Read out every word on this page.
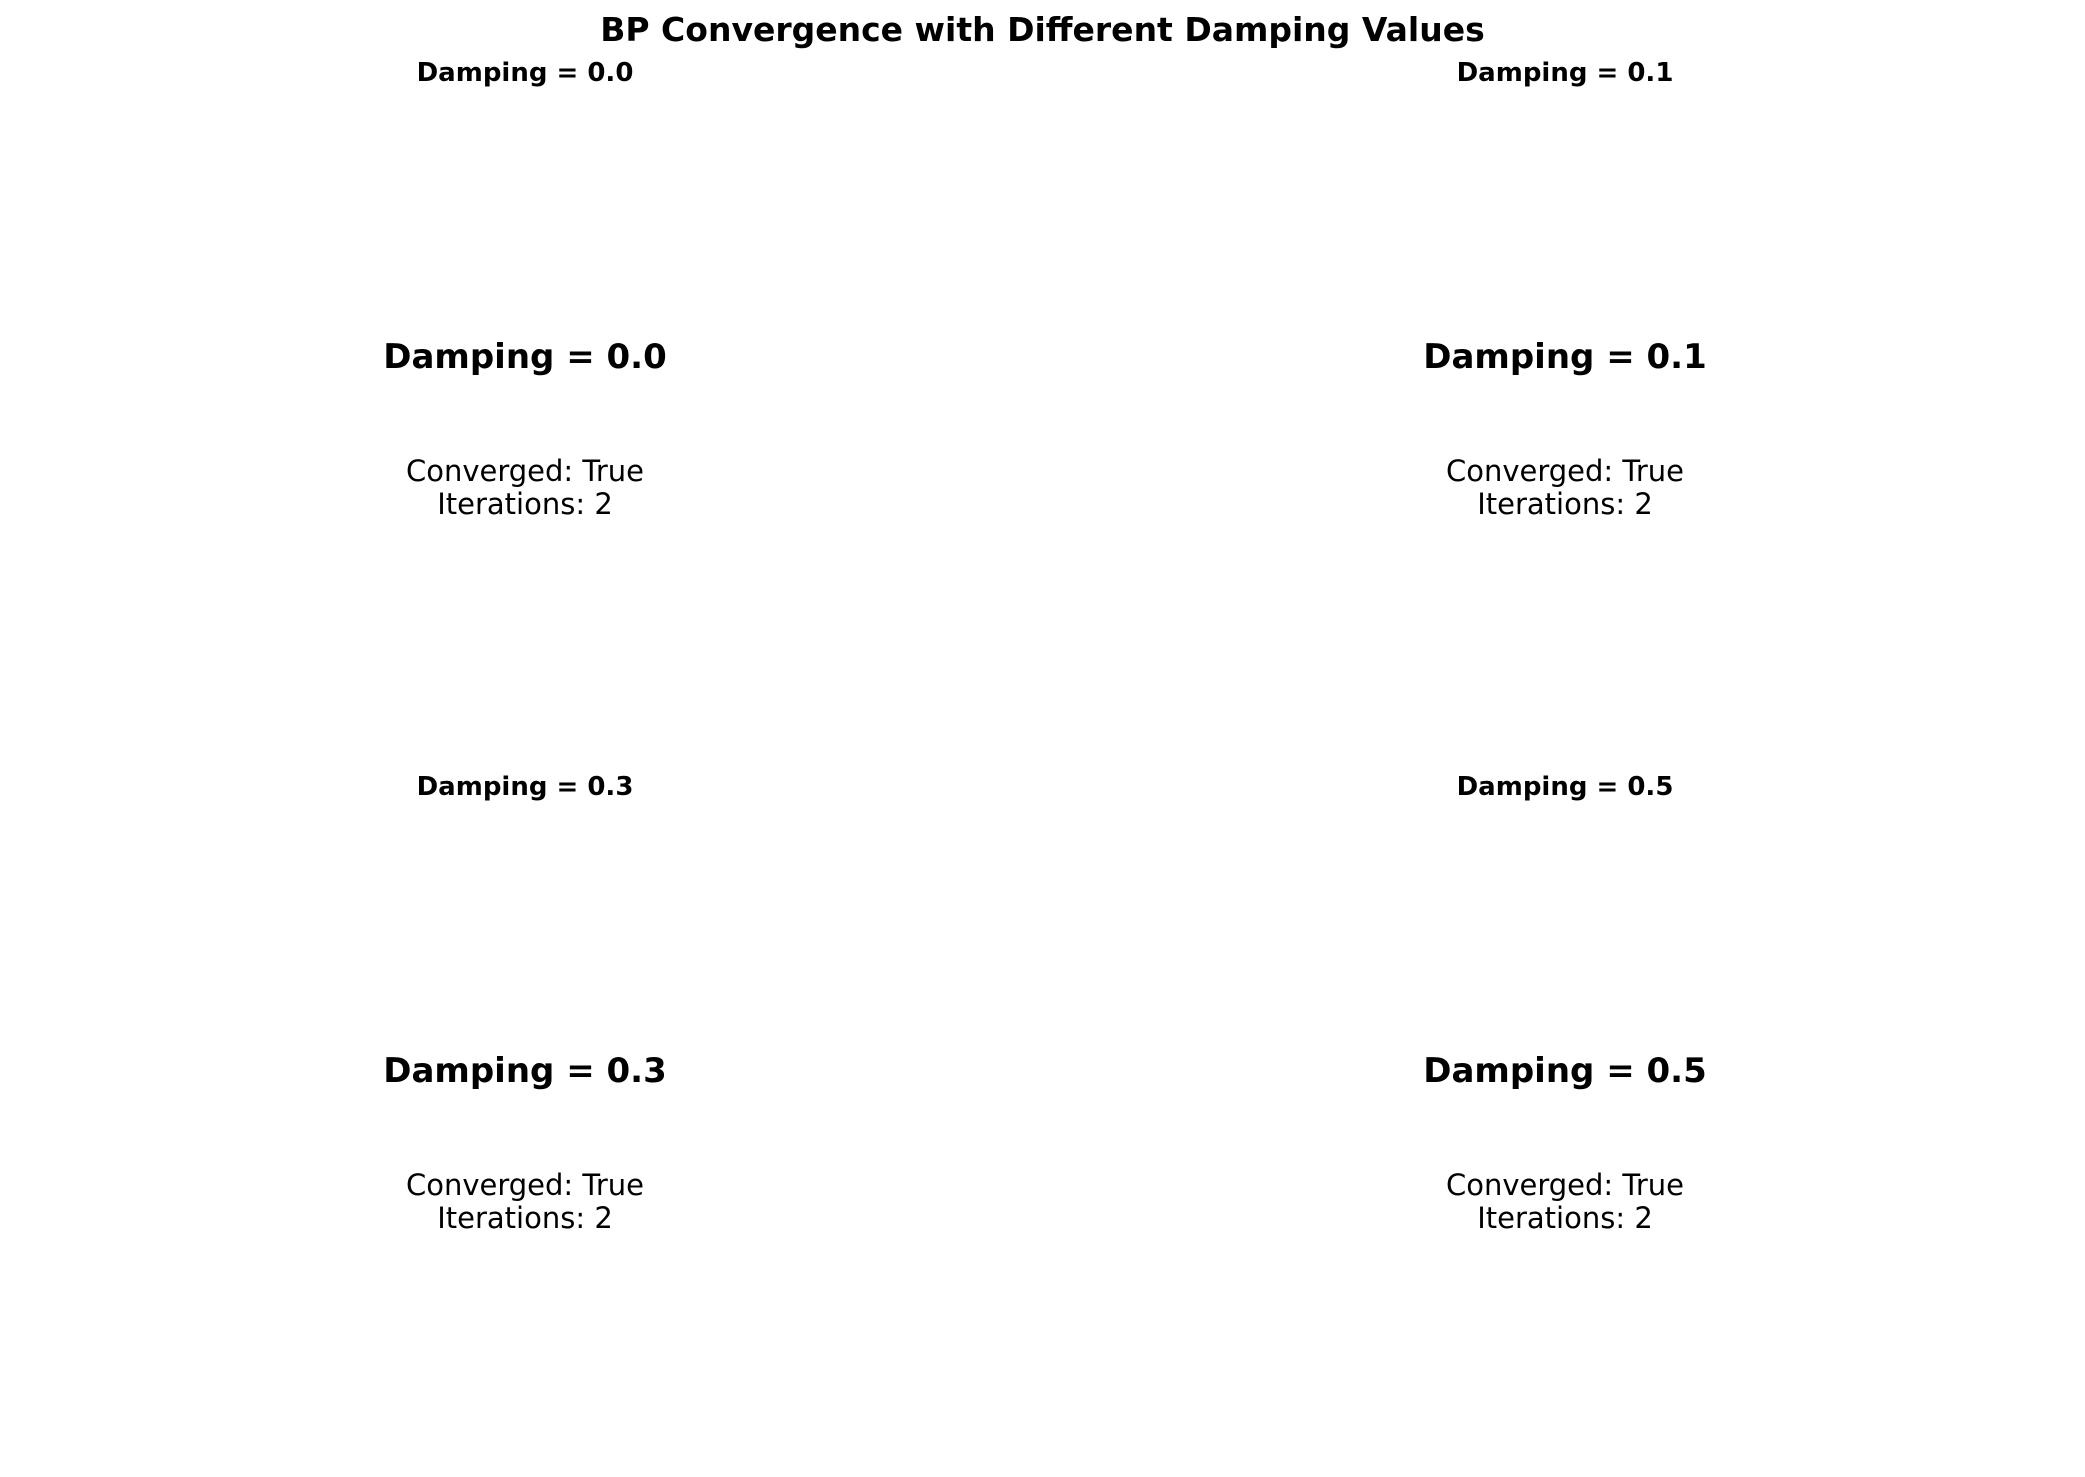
BP Convergence with Different Damping Values
Damping = 0.0
Damping = 0.0
Converged: True
Iterations: 2
Damping = 0.1
Damping = 0.1
Converged: True
Iterations: 2
Damping = 0.3
Damping = 0.3
Converged: True
Iterations: 2
Damping = 0.5
Damping = 0.5
Converged: True
Iterations: 2
